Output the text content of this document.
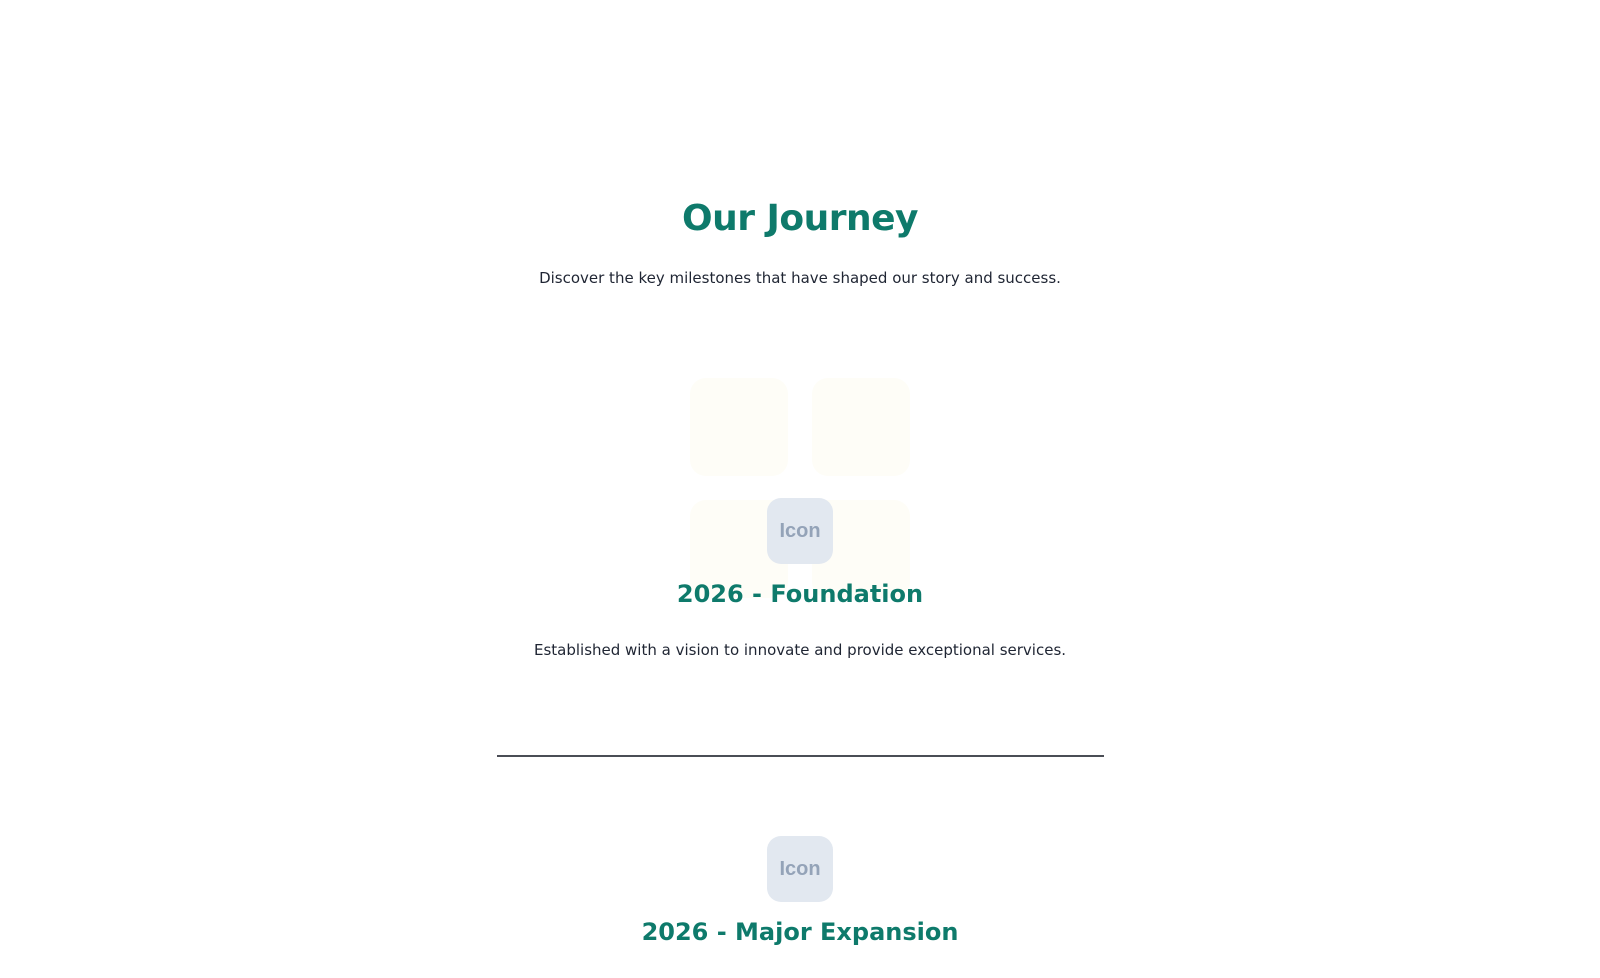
Our Journey

Discover the key milestones that have shaped our story and success.

Icon
2026 - Foundation

Established with a vision to innovate and provide exceptional services.

Icon
2026 - Major Expansion
